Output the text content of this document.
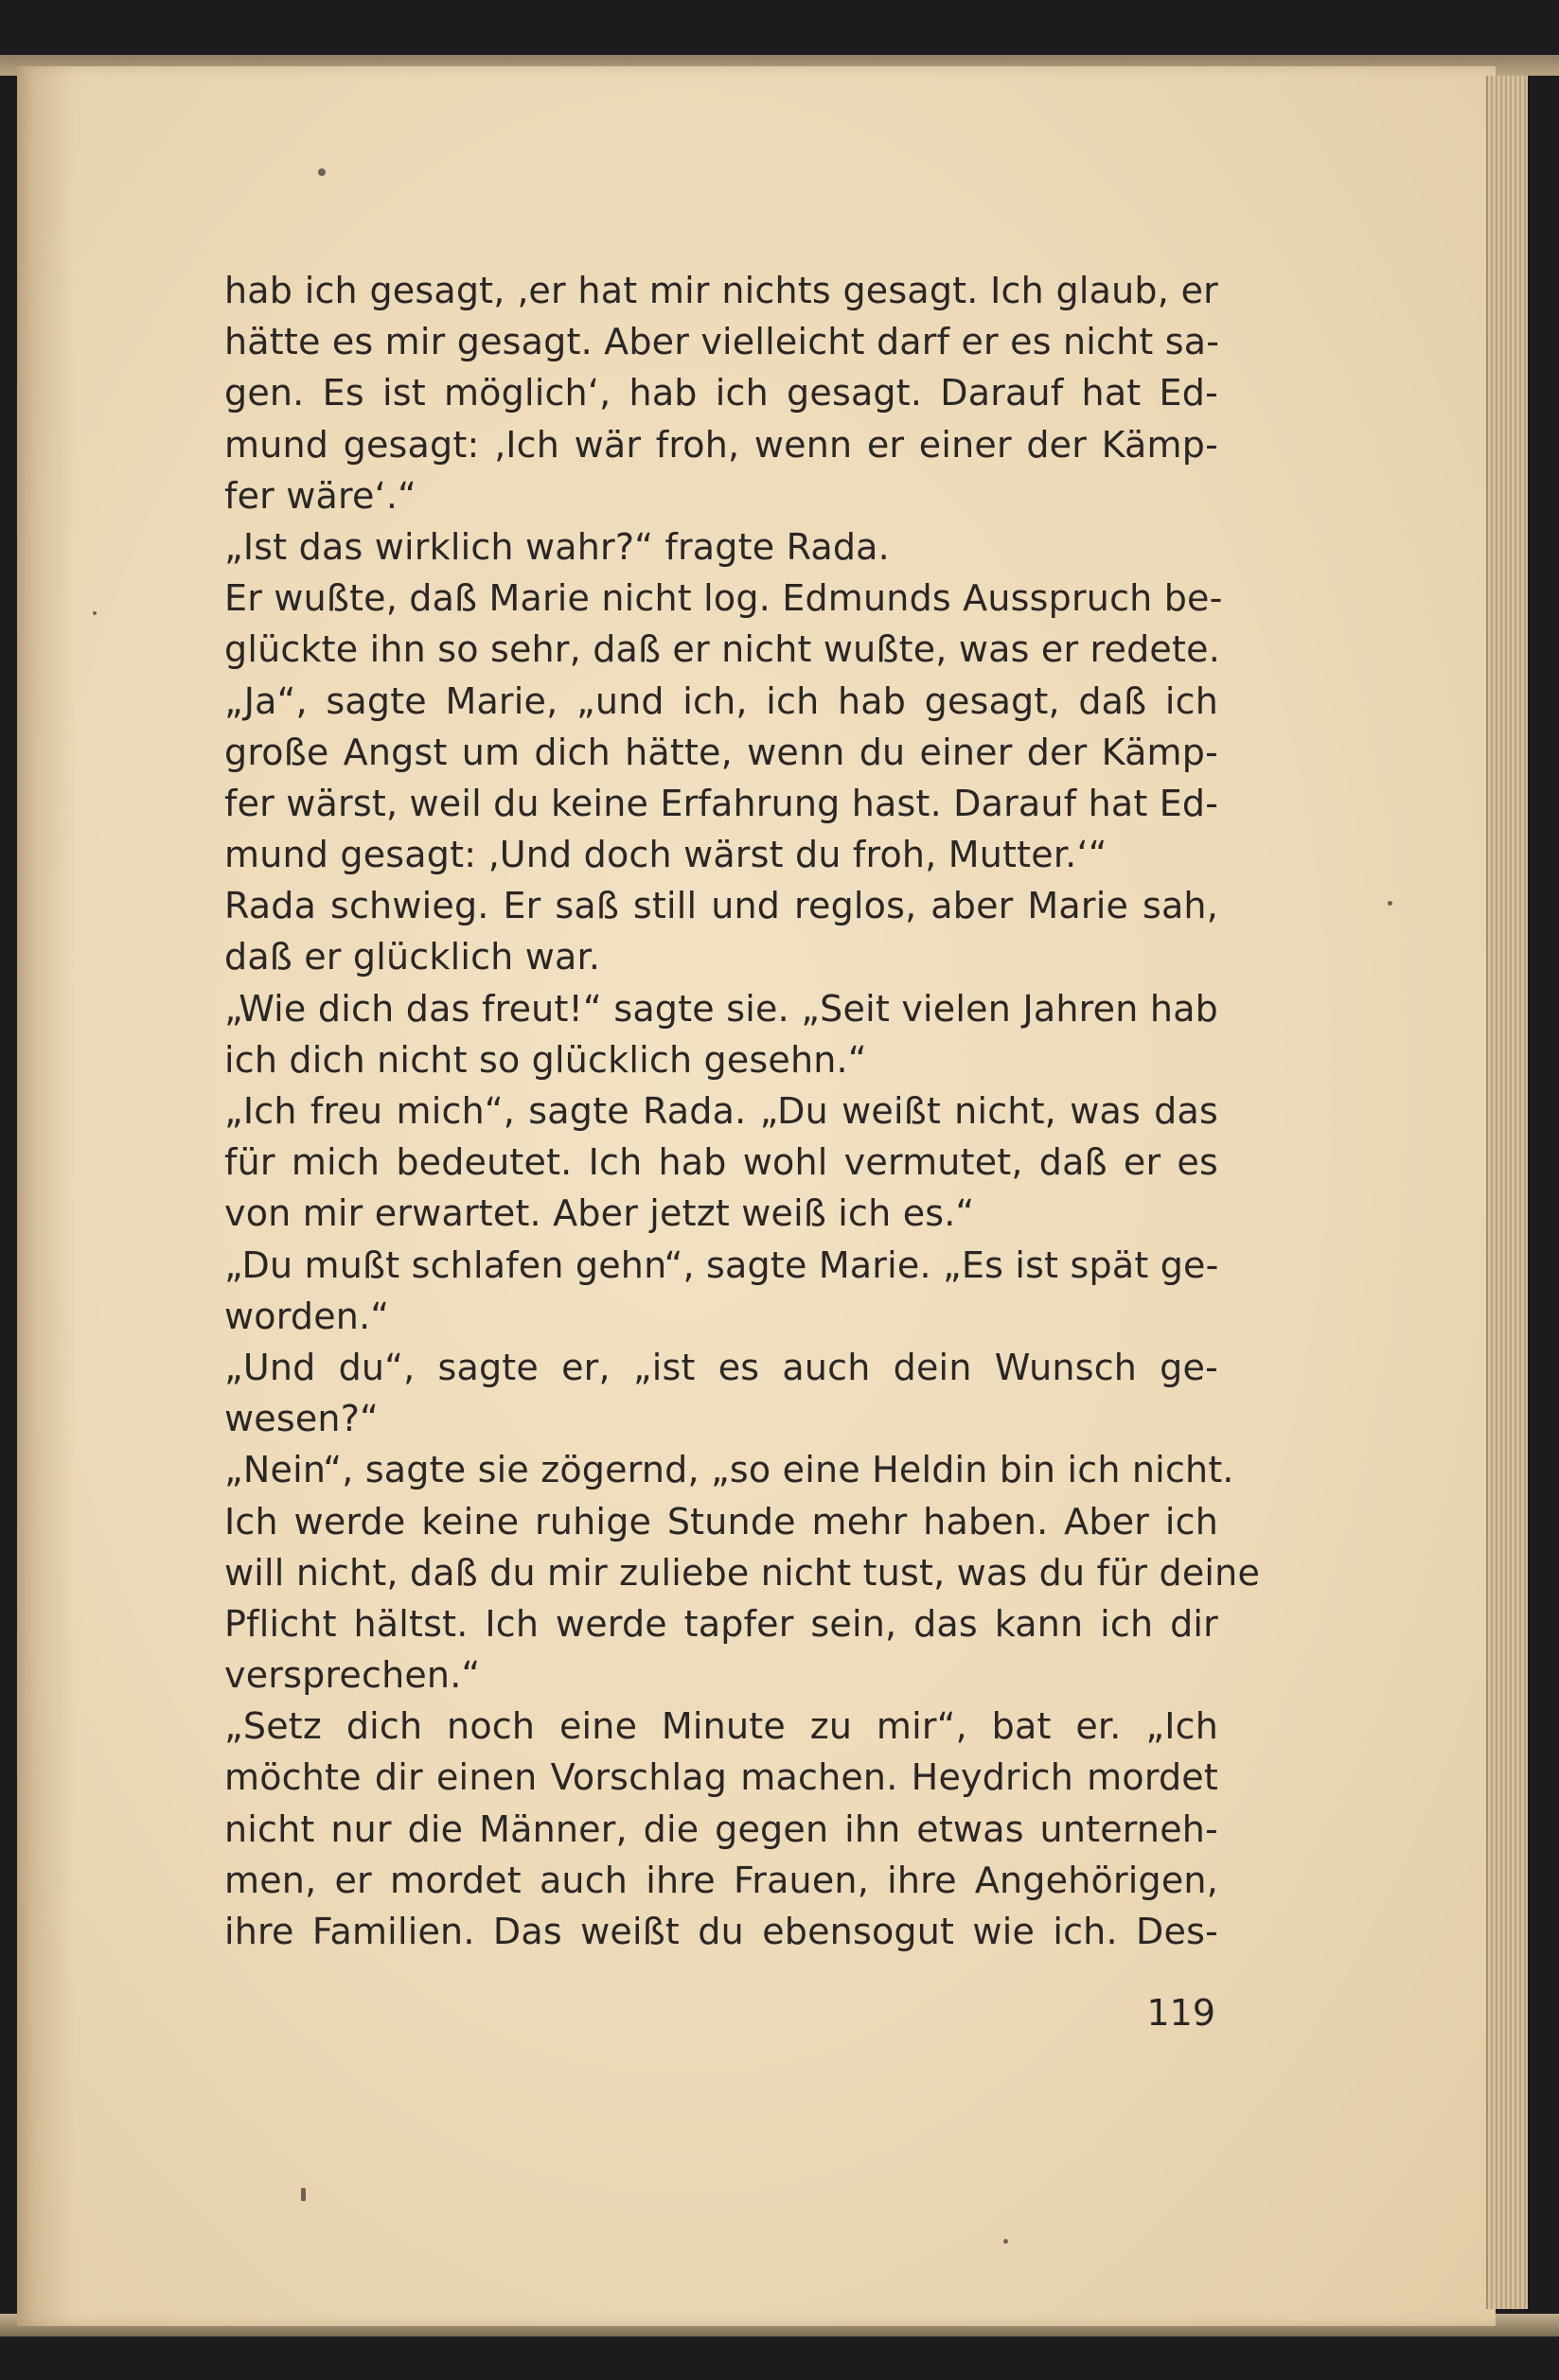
hab ich gesagt, ‚er hat mir nichts gesagt. Ich glaub, er
hätte es mir gesagt. Aber vielleicht darf er es nicht sa-
gen. Es ist möglich‘, hab ich gesagt. Darauf hat Ed-
mund gesagt: ‚Ich wär froh, wenn er einer der Kämp-
fer wäre‘.“
„Ist das wirklich wahr?“ fragte Rada.
Er wußte, daß Marie nicht log. Edmunds Ausspruch be-
glückte ihn so sehr, daß er nicht wußte, was er redete.
„Ja“, sagte Marie, „und ich, ich hab gesagt, daß ich
große Angst um dich hätte, wenn du einer der Kämp-
fer wärst, weil du keine Erfahrung hast. Darauf hat Ed-
mund gesagt: ‚Und doch wärst du froh, Mutter.‘“
Rada schwieg. Er saß still und reglos, aber Marie sah,
daß er glücklich war.
„Wie dich das freut!“ sagte sie. „Seit vielen Jahren hab
ich dich nicht so glücklich gesehn.“
„Ich freu mich“, sagte Rada. „Du weißt nicht, was das
für mich bedeutet. Ich hab wohl vermutet, daß er es
von mir erwartet. Aber jetzt weiß ich es.“
„Du mußt schlafen gehn“, sagte Marie. „Es ist spät ge-
worden.“
„Und du“, sagte er, „ist es auch dein Wunsch ge-
wesen?“
„Nein“, sagte sie zögernd, „so eine Heldin bin ich nicht.
Ich werde keine ruhige Stunde mehr haben. Aber ich
will nicht, daß du mir zuliebe nicht tust, was du für deine
Pflicht hältst. Ich werde tapfer sein, das kann ich dir
versprechen.“
„Setz dich noch eine Minute zu mir“, bat er. „Ich
möchte dir einen Vorschlag machen. Heydrich mordet
nicht nur die Männer, die gegen ihn etwas unterneh-
men, er mordet auch ihre Frauen, ihre Angehörigen,
ihre Familien. Das weißt du ebensogut wie ich. Des-
119
